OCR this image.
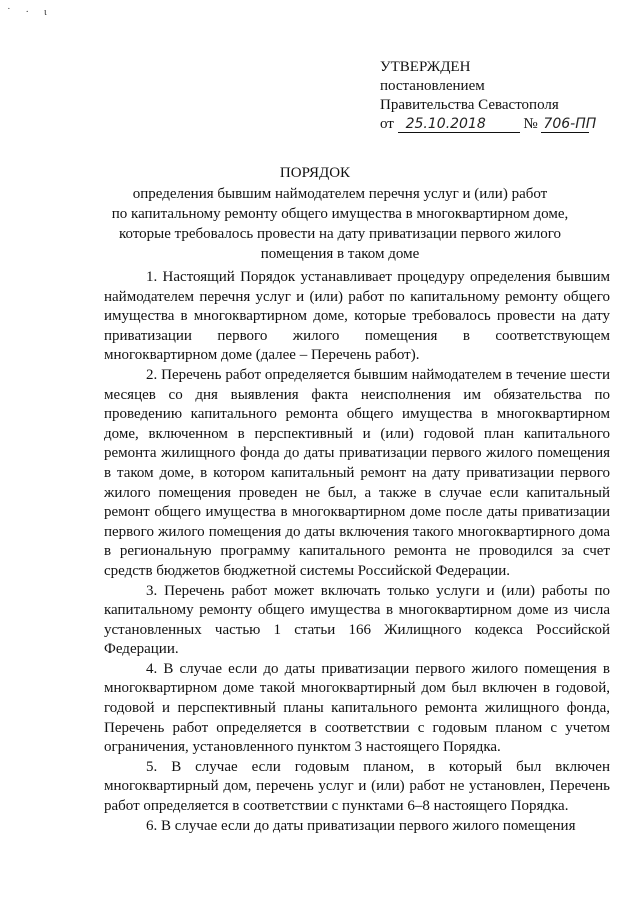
˙ · ι
УТВЕРЖДЕН
постановлением
Правительства Севастополя
от 25.10.2018	№ 706-ПП
ПОРЯДОК
определения бывшим наймодателем перечня услуг и (или) работ
по капитальному ремонту общего имущества в многоквартирном доме,
которые требовалось провести на дату приватизации первого жилого
помещения в таком доме

1. Настоящий Порядок устанавливает процедуру определения бывшим наймодателем перечня услуг и (или) работ по капитальному ремонту общего имущества в многоквартирном доме, которые требовалось провести на дату приватизации первого жилого помещения в соответствующем многоквартирном доме (далее – Перечень работ).

2. Перечень работ определяется бывшим наймодателем в течение шести месяцев со дня выявления факта неисполнения им обязательства по проведению капитального ремонта общего имущества в многоквартирном доме, включенном в перспективный и (или) годовой план капитального ремонта жилищного фонда до даты приватизации первого жилого помещения в таком доме, в котором капитальный ремонт на дату приватизации первого жилого помещения проведен не был, а также в случае если капитальный ремонт общего имущества в многоквартирном доме после даты приватизации первого жилого помещения до даты включения такого многоквартирного дома в региональную программу капитального ремонта не проводился за счет средств бюджетов бюджетной системы Российской Федерации.

3. Перечень работ может включать только услуги и (или) работы по капитальному ремонту общего имущества в многоквартирном доме из числа установленных частью 1 статьи 166 Жилищного кодекса Российской Федерации.

4. В случае если до даты приватизации первого жилого помещения в многоквартирном доме такой многоквартирный дом был включен в годовой, годовой и перспективный планы капитального ремонта жилищного фонда, Перечень работ определяется в соответствии с годовым планом с учетом ограничения, установленного пунктом 3 настоящего Порядка.

5. В случае если годовым планом, в который был включен многоквартирный дом, перечень услуг и (или) работ не установлен, Перечень работ определяется в соответствии с пунктами 6–8 настоящего Порядка.

6. В случае если до даты приватизации первого жилого помещения
